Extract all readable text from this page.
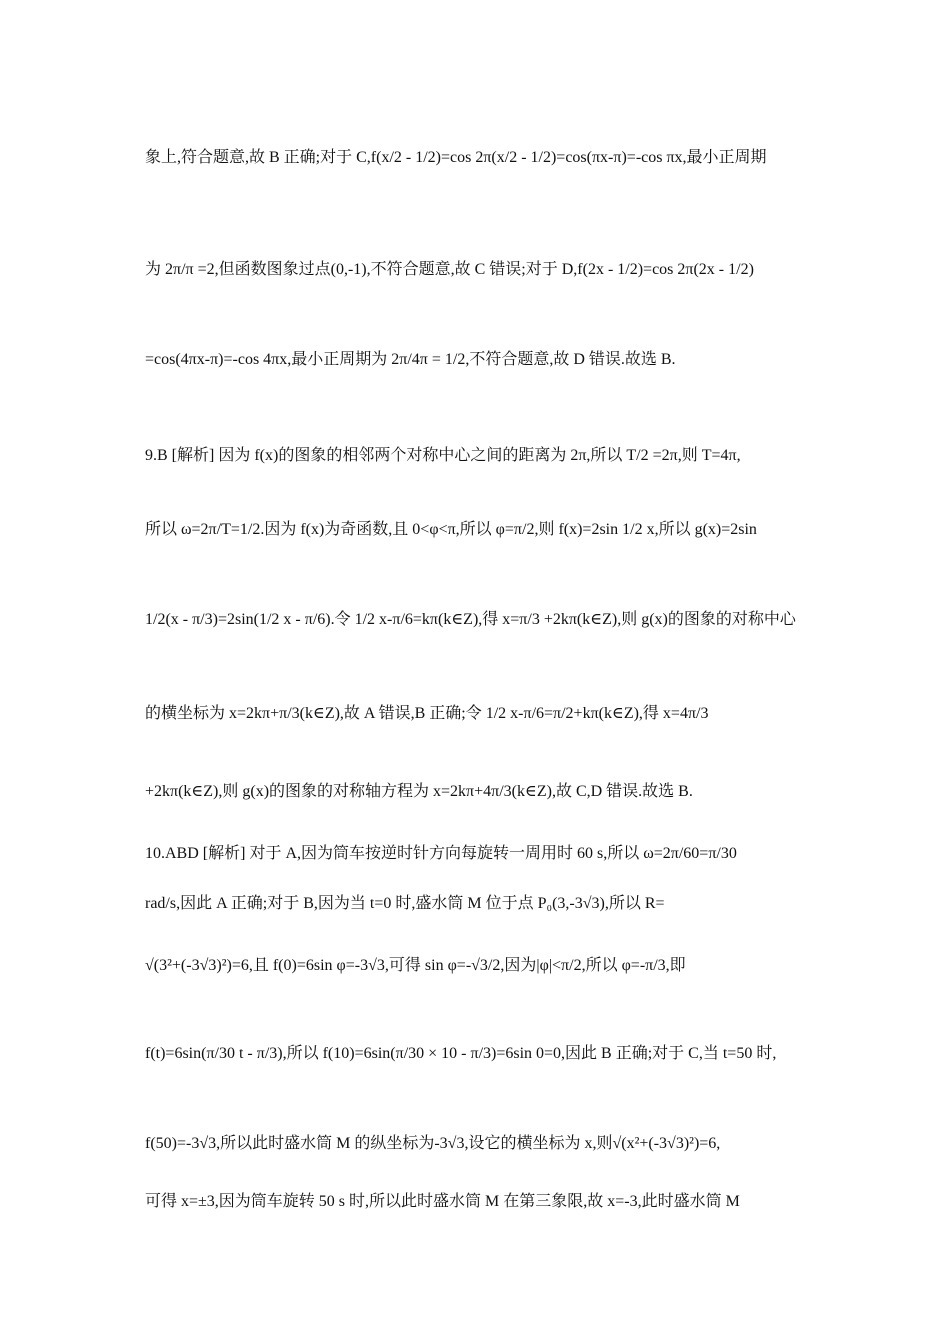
象上,符合题意,故 B 正确;对于 C,f(x/2 - 1/2)=cos 2π(x/2 - 1/2)=cos(πx-π)=-cos πx,最小正周期
为 2π/π =2,但函数图象过点(0,-1),不符合题意,故 C 错误;对于 D,f(2x - 1/2)=cos 2π(2x - 1/2)
=cos(4πx-π)=-cos 4πx,最小正周期为 2π/4π = 1/2,不符合题意,故 D 错误.故选 B.
9.B [解析] 因为 f(x)的图象的相邻两个对称中心之间的距离为 2π,所以 T/2 =2π,则 T=4π,
所以 ω=2π/T=1/2.因为 f(x)为奇函数,且 0<φ<π,所以 φ=π/2,则 f(x)=2sin 1/2 x,所以 g(x)=2sin
1/2(x - π/3)=2sin(1/2 x - π/6).令 1/2 x-π/6=kπ(k∈Z),得 x=π/3 +2kπ(k∈Z),则 g(x)的图象的对称中心
的横坐标为 x=2kπ+π/3(k∈Z),故 A 错误,B 正确;令 1/2 x-π/6=π/2+kπ(k∈Z),得 x=4π/3
+2kπ(k∈Z),则 g(x)的图象的对称轴方程为 x=2kπ+4π/3(k∈Z),故 C,D 错误.故选 B.
10.ABD [解析] 对于 A,因为筒车按逆时针方向每旋转一周用时 60 s,所以 ω=2π/60=π/30
rad/s,因此 A 正确;对于 B,因为当 t=0 时,盛水筒 M 位于点 P₀(3,-3√3),所以 R=
√(3²+(-3√3)²)=6,且 f(0)=6sin φ=-3√3,可得 sin φ=-√3/2,因为|φ|<π/2,所以 φ=-π/3,即
f(t)=6sin(π/30 t - π/3),所以 f(10)=6sin(π/30 × 10 - π/3)=6sin 0=0,因此 B 正确;对于 C,当 t=50 时,
f(50)=-3√3,所以此时盛水筒 M 的纵坐标为-3√3,设它的横坐标为 x,则√(x²+(-3√3)²)=6,
可得 x=±3,因为筒车旋转 50 s 时,所以此时盛水筒 M 在第三象限,故 x=-3,此时盛水筒 M
